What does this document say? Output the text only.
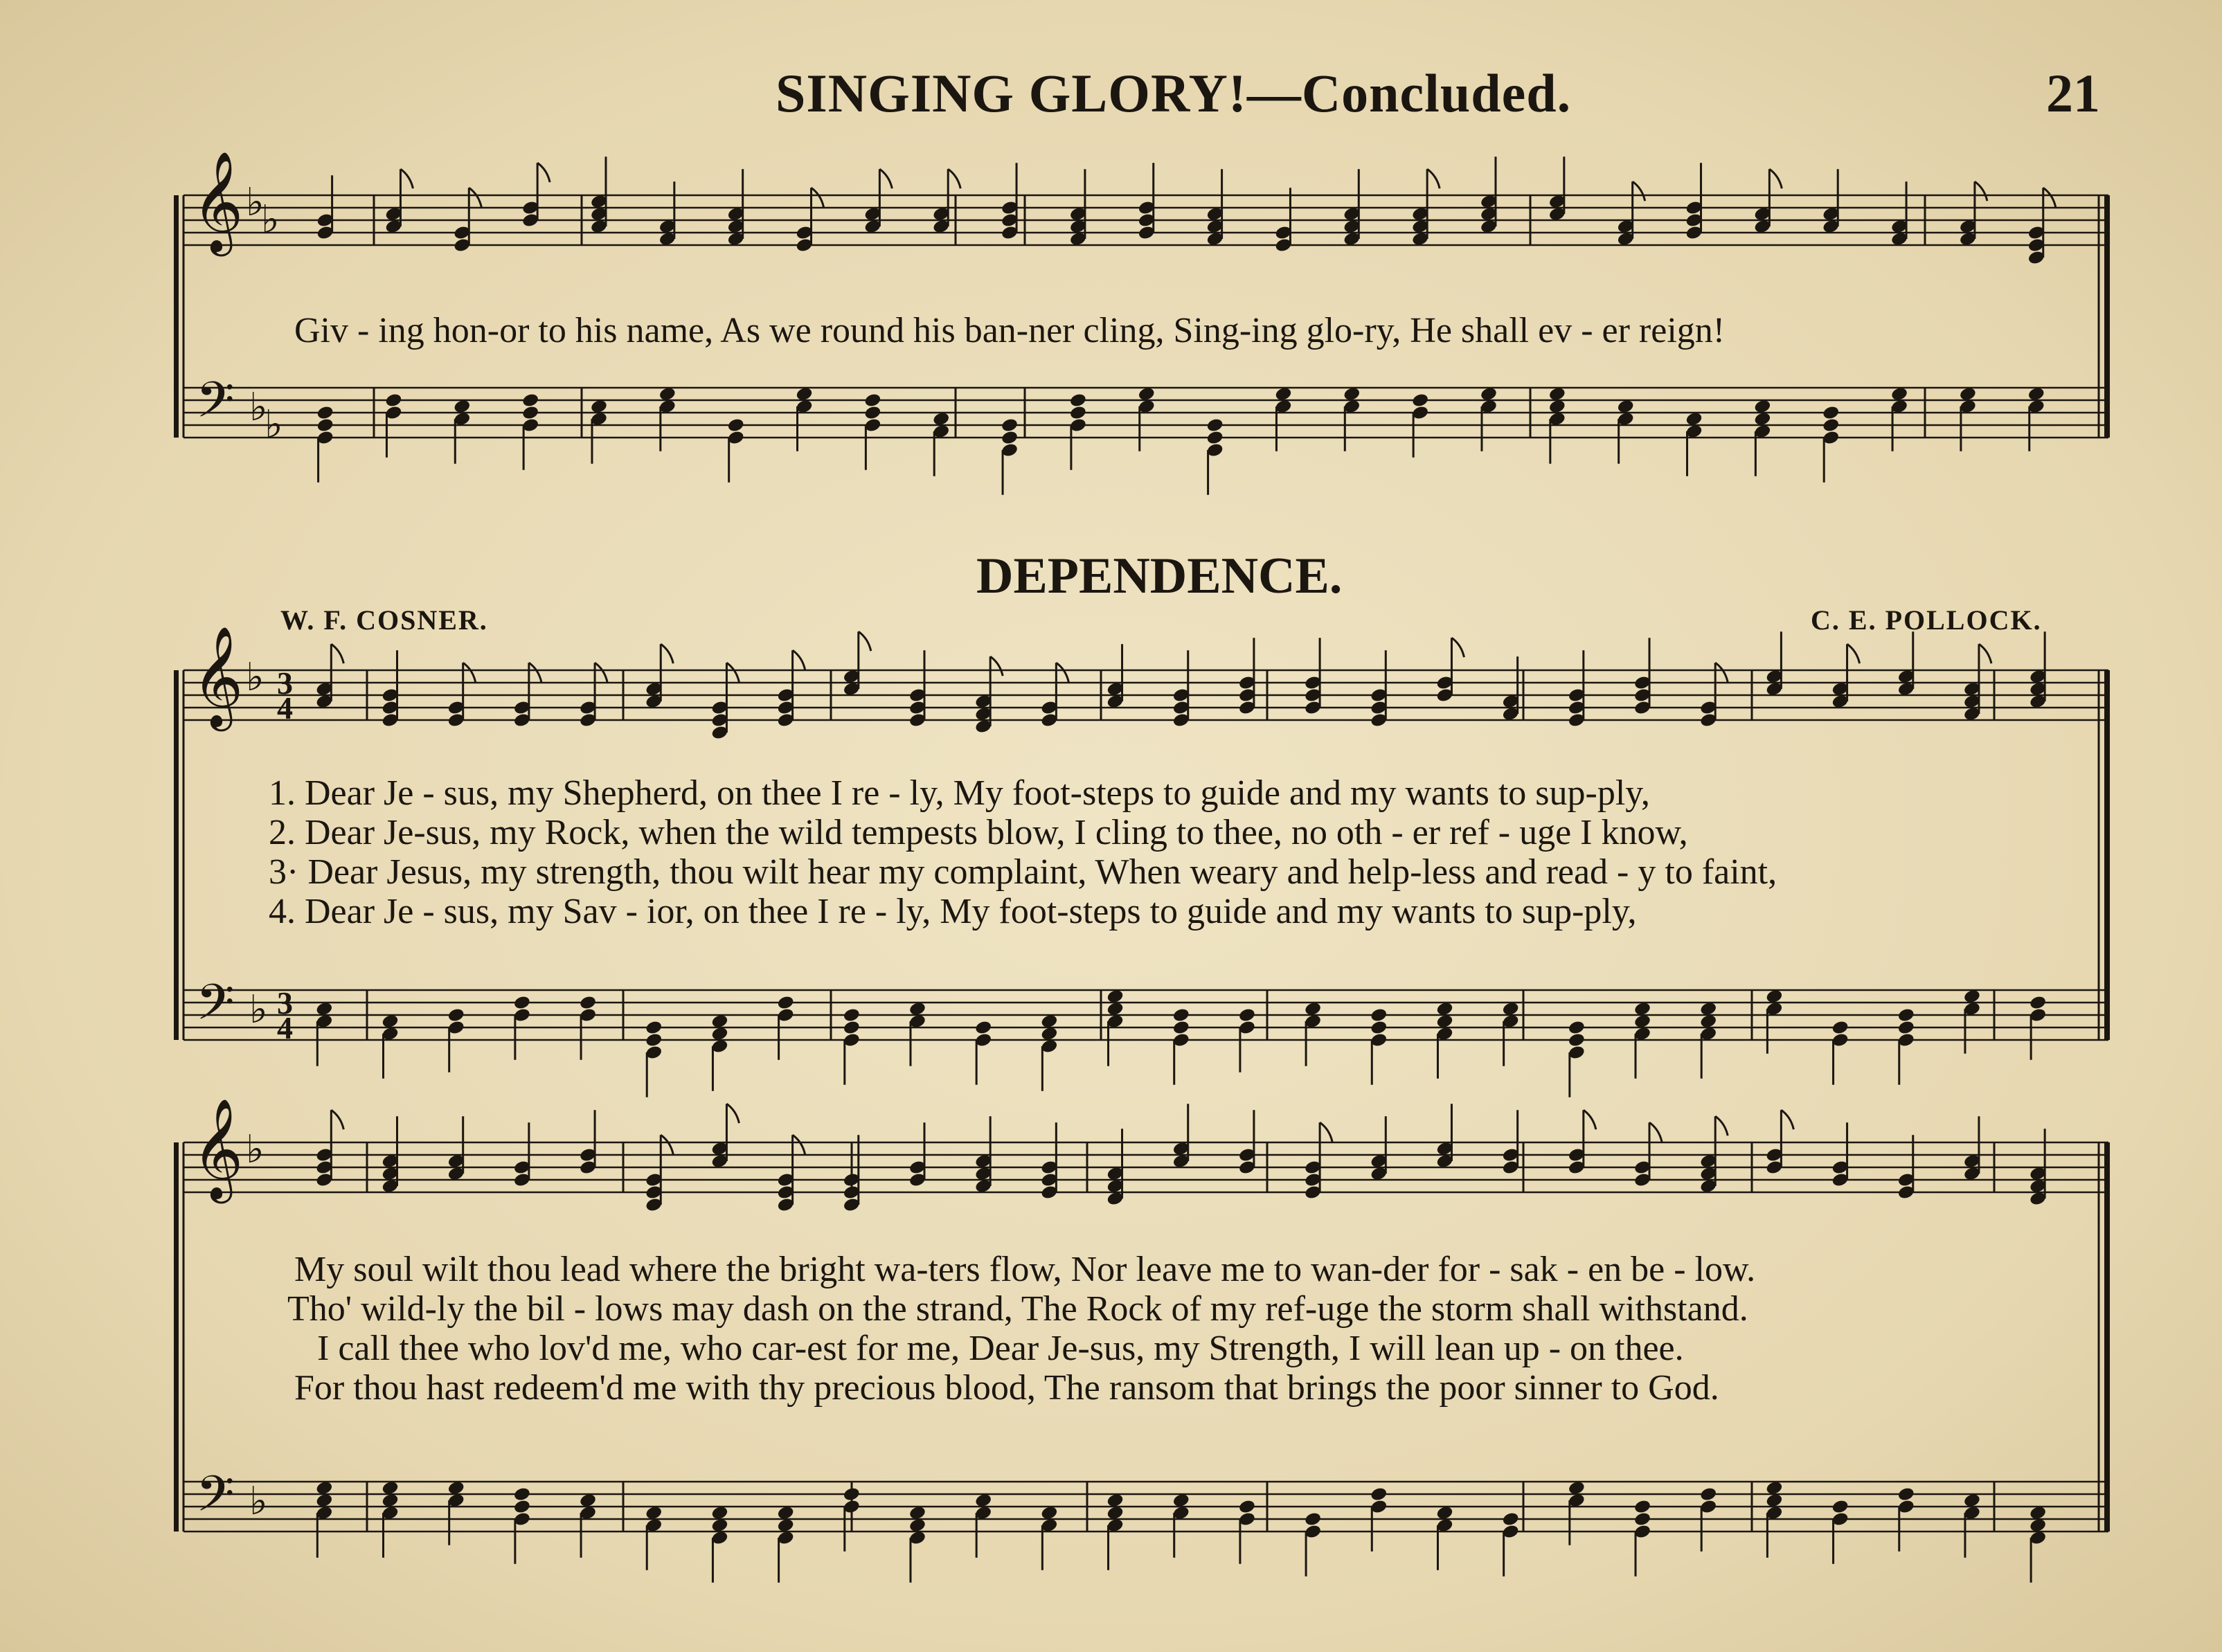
SINGING GLORY!—Concluded.	21
𝄞
𝄢
♭
♭
♭
♭
𝄞
𝄢
♭
♭
3
4
3
4
𝄞
𝄢
♭
♭
Giv - ing hon-or to his name, As we round his ban-ner cling, Sing-ing glo-ry, He shall ev - er reign!
DEPENDENCE.
W. F. COSNER.	C. E. POLLOCK.
1. Dear Je - sus, my Shepherd, on thee I re - ly, My foot-steps to guide and my wants to sup-ply,
2. Dear Je-sus, my Rock, when the wild tempests blow, I cling to thee, no oth - er ref - uge I know,
3· Dear Jesus, my strength, thou wilt hear my complaint, When weary and help-less and read - y to faint,
4. Dear Je - sus, my Sav - ior, on thee I re - ly, My foot-steps to guide and my wants to sup-ply,
My soul wilt thou lead where the bright wa-ters flow, Nor leave me to wan-der for - sak - en be - low.
Tho' wild-ly the bil - lows may dash on the strand, The Rock of my ref-uge the storm shall withstand.
I call thee who lov'd me, who car-est for me, Dear Je-sus, my Strength, I will lean up - on thee.
For thou hast redeem'd me with thy precious blood, The ransom that brings the poor sinner to God.
